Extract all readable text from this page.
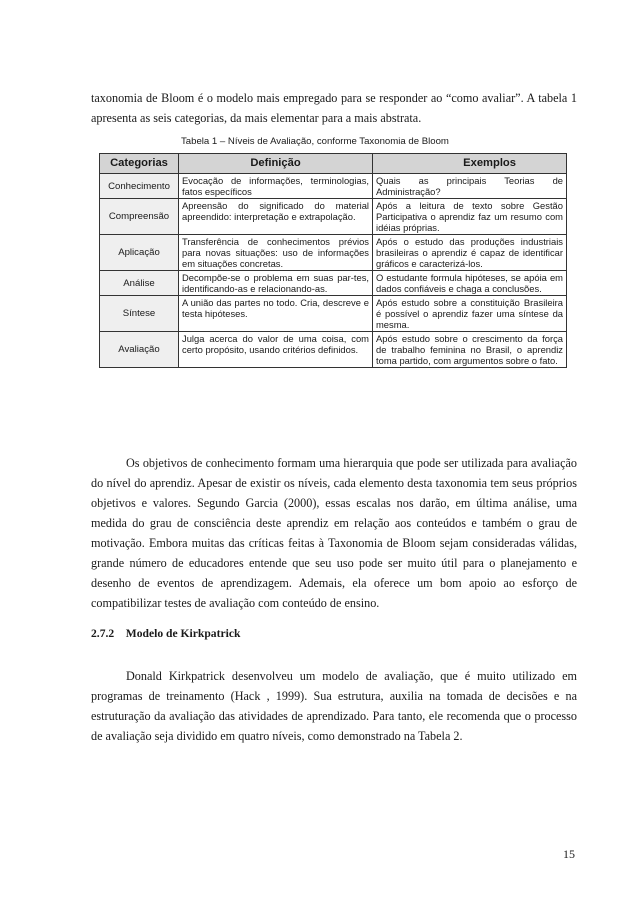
taxonomia de Bloom é o modelo mais empregado para se responder ao “como avaliar”. A tabela 1 apresenta as seis categorias, da mais elementar para a mais abstrata.

Tabela 1 – Níveis de Avaliação, conforme Taxonomia de Bloom
Categorias	Definição	Exemplos
Conhecimento	Evocação de informações, terminologias, fatos específicos	Quais as principais Teorias de Administração?
Compreensão	Apreensão do significado do material apreendido: interpretação e extrapolação.	Após a leitura de texto sobre Gestão Participativa o aprendiz faz um resumo com idéias próprias.
Aplicação	Transferência de conhecimentos prévios para novas situações: uso de informações em situações concretas.	Após o estudo das produções industriais brasileiras o aprendiz é capaz de identificar gráficos e caracterizá-los.
Análise	Decompõe-se o problema em suas par-tes, identificando-as e relacionando-as.	O estudante formula hipóteses, se apóia em dados confiáveis e chaga a conclusões.
Síntese	A união das partes no todo. Cria, descreve e testa hipóteses.	Após estudo sobre a constituição Brasileira é possível o aprendiz fazer uma síntese da mesma.
Avaliação	Julga acerca do valor de uma coisa, com certo propósito, usando critérios definidos.	Após estudo sobre o crescimento da força de trabalho feminina no Brasil, o aprendiz toma partido, com argumentos sobre o fato.

Os objetivos de conhecimento formam uma hierarquia que pode ser utilizada para avaliação do nível do aprendiz. Apesar de existir os níveis, cada elemento desta taxonomia tem seus próprios objetivos e valores. Segundo Garcia (2000), essas escalas nos darão, em última análise, uma medida do grau de consciência deste aprendiz em relação aos conteúdos e também o grau de motivação. Embora muitas das críticas feitas à Taxonomia de Bloom sejam consideradas válidas, grande número de educadores entende que seu uso pode ser muito útil para o planejamento e desenho de eventos de aprendizagem. Ademais, ela oferece um bom apoio ao esforço de compatibilizar testes de avaliação com conteúdo de ensino.

2.7.2 Modelo de Kirkpatrick

Donald Kirkpatrick desenvolveu um modelo de avaliação, que é muito utilizado em programas de treinamento (Hack , 1999). Sua estrutura, auxilia na tomada de decisões e na estruturação da avaliação das atividades de aprendizado. Para tanto, ele recomenda que o processo de avaliação seja dividido em quatro níveis, como demonstrado na Tabela 2.

15
